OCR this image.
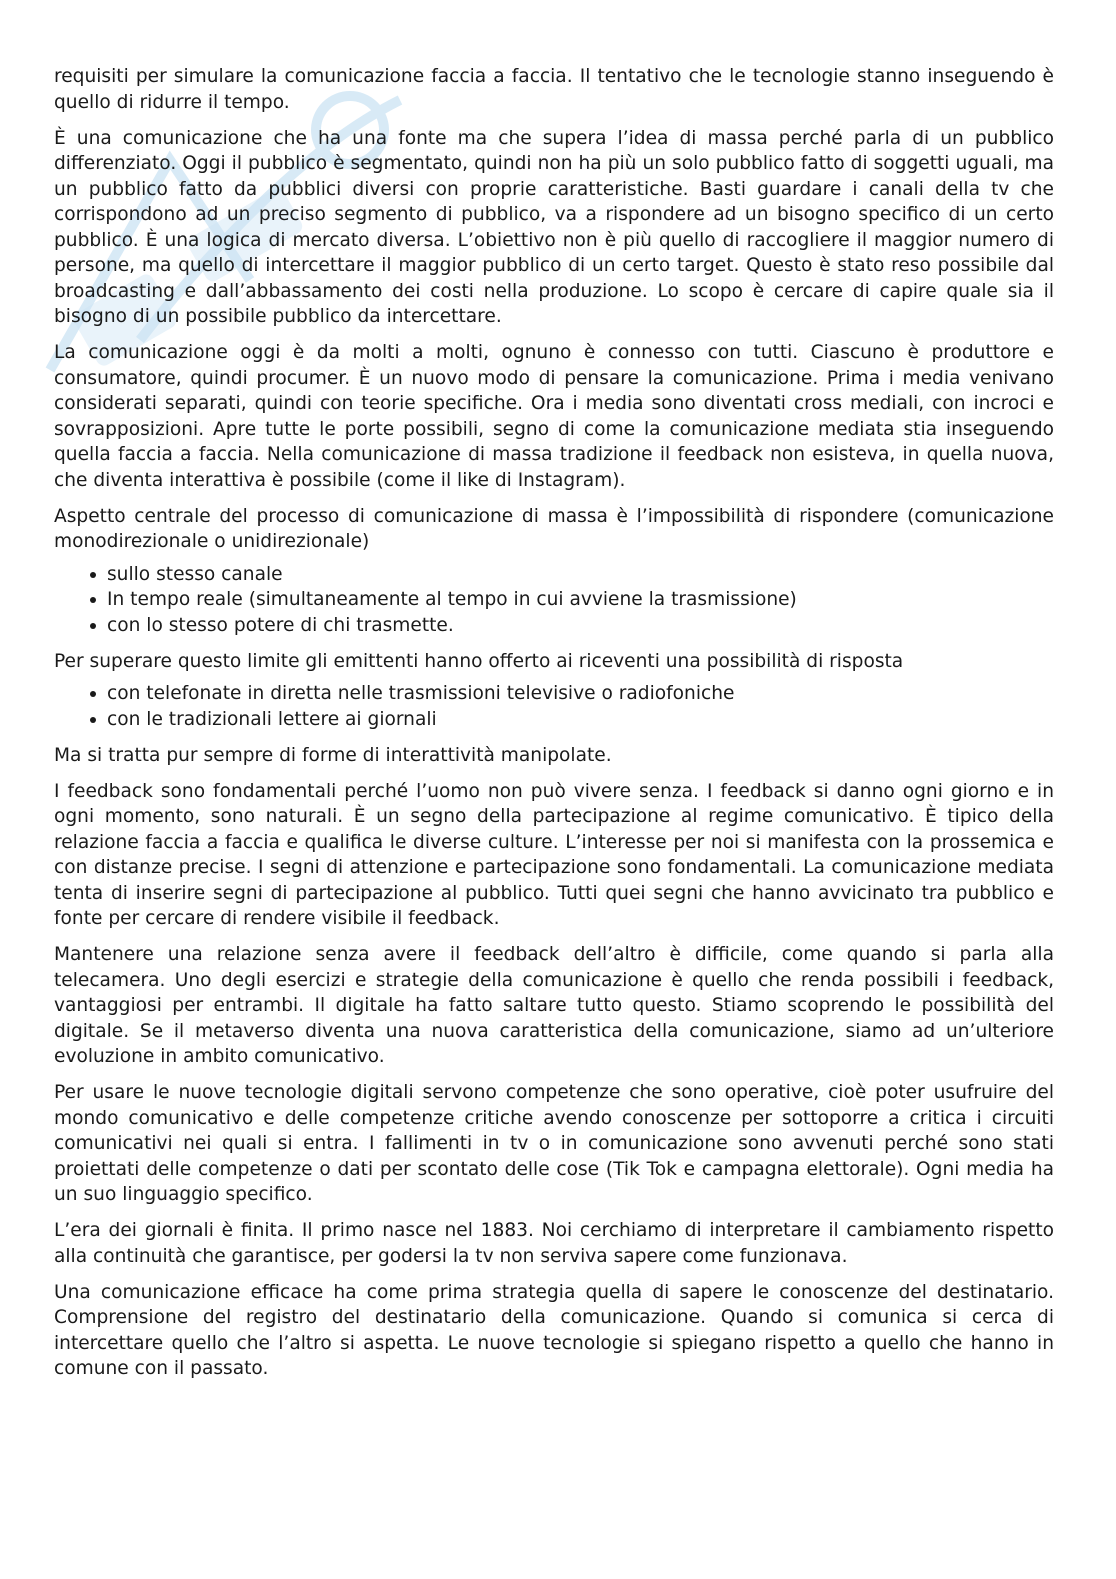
requisiti per simulare la comunicazione faccia a faccia. Il tentativo che le tecnologie stanno inseguendo è quello di ridurre il tempo.

È una comunicazione che ha una fonte ma che supera l’idea di massa perché parla di un pubblico differenziato. Oggi il pubblico è segmentato, quindi non ha più un solo pubblico fatto di soggetti uguali, ma un pubblico fatto da pubblici diversi con proprie caratteristiche. Basti guardare i canali della tv che corrispondono ad un preciso segmento di pubblico, va a rispondere ad un bisogno specifico di un certo pubblico. È una logica di mercato diversa. L’obiettivo non è più quello di raccogliere il maggior numero di persone, ma quello di intercettare il maggior pubblico di un certo target. Questo è stato reso possibile dal broadcasting e dall’abbassamento dei costi nella produzione. Lo scopo è cercare di capire quale sia il bisogno di un possibile pubblico da intercettare.

La comunicazione oggi è da molti a molti, ognuno è connesso con tutti. Ciascuno è produttore e consumatore, quindi procumer. È un nuovo modo di pensare la comunicazione. Prima i media venivano considerati separati, quindi con teorie specifiche. Ora i media sono diventati cross mediali, con incroci e sovrapposizioni. Apre tutte le porte possibili, segno di come la comunicazione mediata stia inseguendo quella faccia a faccia. Nella comunicazione di massa tradizione il feedback non esisteva, in quella nuova, che diventa interattiva è possibile (come il like di Instagram).

Aspetto centrale del processo di comunicazione di massa è l’impossibilità di rispondere (comunicazione monodirezionale o unidirezionale)

sullo stesso canale
In tempo reale (simultaneamente al tempo in cui avviene la trasmissione)
con lo stesso potere di chi trasmette.

Per superare questo limite gli emittenti hanno offerto ai riceventi una possibilità di risposta

con telefonate in diretta nelle trasmissioni televisive o radiofoniche
con le tradizionali lettere ai giornali

Ma si tratta pur sempre di forme di interattività manipolate.

I feedback sono fondamentali perché l’uomo non può vivere senza. I feedback si danno ogni giorno e in ogni momento, sono naturali. È un segno della partecipazione al regime comunicativo. È tipico della relazione faccia a faccia e qualifica le diverse culture. L’interesse per noi si manifesta con la prossemica e con distanze precise. I segni di attenzione e partecipazione sono fondamentali. La comunicazione mediata tenta di inserire segni di partecipazione al pubblico. Tutti quei segni che hanno avvicinato tra pubblico e fonte per cercare di rendere visibile il feedback.

Mantenere una relazione senza avere il feedback dell’altro è difficile, come quando si parla alla telecamera. Uno degli esercizi e strategie della comunicazione è quello che renda possibili i feedback, vantaggiosi per entrambi. Il digitale ha fatto saltare tutto questo. Stiamo scoprendo le possibilità del digitale. Se il metaverso diventa una nuova caratteristica della comunicazione, siamo ad un’ulteriore evoluzione in ambito comunicativo.

Per usare le nuove tecnologie digitali servono competenze che sono operative, cioè poter usufruire del mondo comunicativo e delle competenze critiche avendo conoscenze per sottoporre a critica i circuiti comunicativi nei quali si entra. I fallimenti in tv o in comunicazione sono avvenuti perché sono stati proiettati delle competenze o dati per scontato delle cose (Tik Tok e campagna elettorale). Ogni media ha un suo linguaggio specifico.

L’era dei giornali è finita. Il primo nasce nel 1883. Noi cerchiamo di interpretare il cambiamento rispetto alla continuità che garantisce, per godersi la tv non serviva sapere come funzionava.

Una comunicazione efficace ha come prima strategia quella di sapere le conoscenze del destinatario. Comprensione del registro del destinatario della comunicazione. Quando si comunica si cerca di intercettare quello che l’altro si aspetta. Le nuove tecnologie si spiegano rispetto a quello che hanno in comune con il passato.
